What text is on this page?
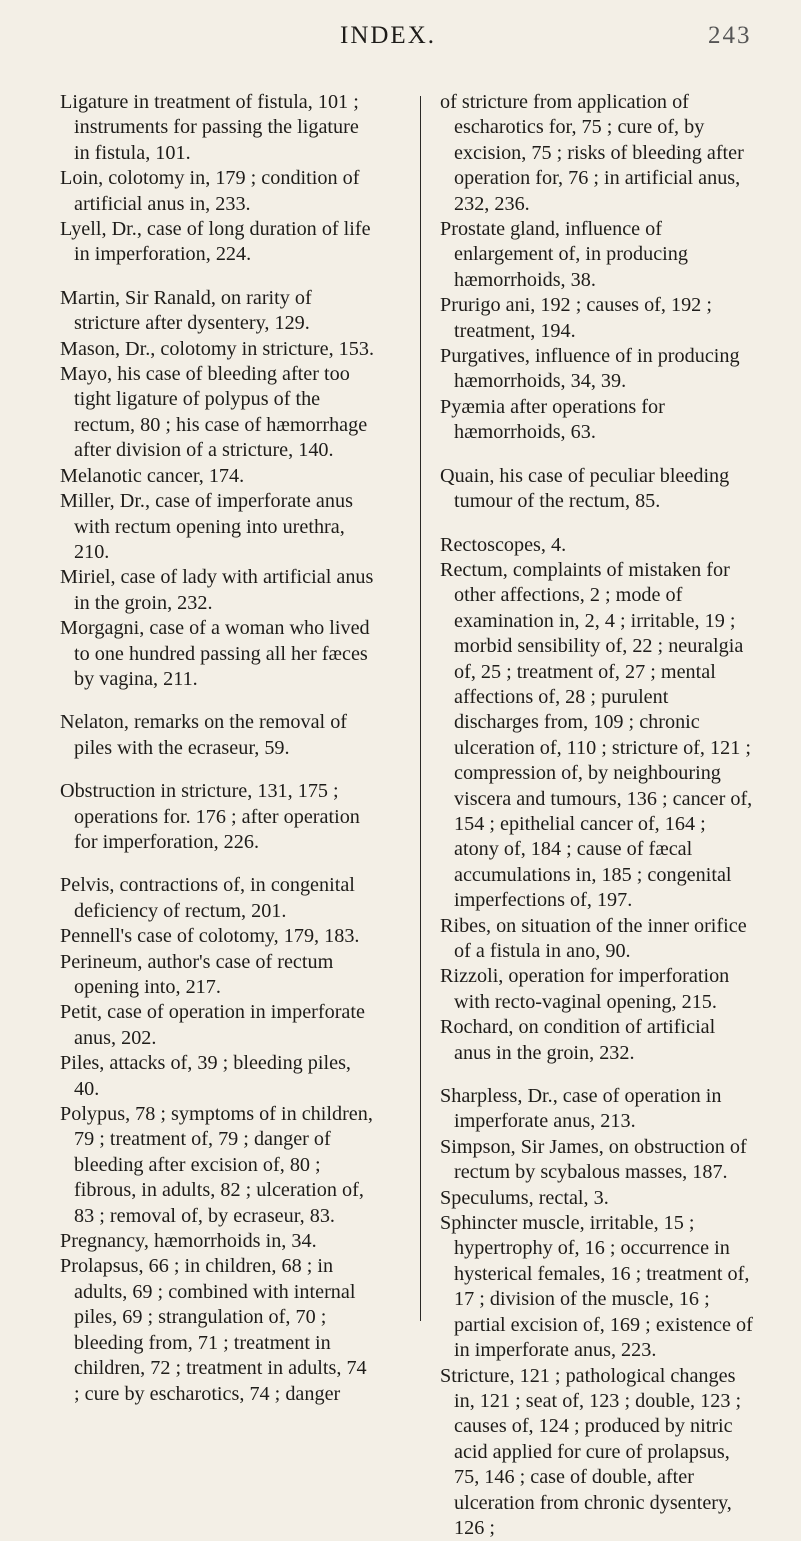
INDEX.	243

Ligature in treatment of fistula, 101 ; instruments for passing the ligature in fistula, 101.

Loin, colotomy in, 179 ; condition of artificial anus in, 233.

Lyell, Dr., case of long duration of life in imperforation, 224.

Martin, Sir Ranald, on rarity of stricture after dysentery, 129.

Mason, Dr., colotomy in stricture, 153.

Mayo, his case of bleeding after too tight ligature of polypus of the rectum, 80 ; his case of hæmorrhage after division of a stricture, 140.

Melanotic cancer, 174.

Miller, Dr., case of imperforate anus with rectum opening into urethra, 210.

Miriel, case of lady with artificial anus in the groin, 232.

Morgagni, case of a woman who lived to one hundred passing all her fæces by vagina, 211.

Nelaton, remarks on the removal of piles with the ecraseur, 59.

Obstruction in stricture, 131, 175 ; operations for. 176 ; after operation for imperforation, 226.

Pelvis, contractions of, in congenital deficiency of rectum, 201.

Pennell's case of colotomy, 179, 183.

Perineum, author's case of rectum opening into, 217.

Petit, case of operation in imperforate anus, 202.

Piles, attacks of, 39 ; bleeding piles, 40.

Polypus, 78 ; symptoms of in children, 79 ; treatment of, 79 ; danger of bleeding after excision of, 80 ; fibrous, in adults, 82 ; ulceration of, 83 ; removal of, by ecraseur, 83.

Pregnancy, hæmorrhoids in, 34.

Prolapsus, 66 ; in children, 68 ; in adults, 69 ; combined with internal piles, 69 ; strangulation of, 70 ; bleeding from, 71 ; treatment in children, 72 ; treatment in adults, 74 ; cure by escharotics, 74 ; danger

of stricture from application of escharotics for, 75 ; cure of, by excision, 75 ; risks of bleeding after operation for, 76 ; in artificial anus, 232, 236.

Prostate gland, influence of enlargement of, in producing hæmorrhoids, 38.

Prurigo ani, 192 ; causes of, 192 ; treatment, 194.

Purgatives, influence of in producing hæmorrhoids, 34, 39.

Pyæmia after operations for hæmorrhoids, 63.

Quain, his case of peculiar bleeding tumour of the rectum, 85.

Rectoscopes, 4.

Rectum, complaints of mistaken for other affections, 2 ; mode of examination in, 2, 4 ; irritable, 19 ; morbid sensibility of, 22 ; neuralgia of, 25 ; treatment of, 27 ; mental affections of, 28 ; purulent discharges from, 109 ; chronic ulceration of, 110 ; stricture of, 121 ; compression of, by neighbouring viscera and tumours, 136 ; cancer of, 154 ; epithelial cancer of, 164 ; atony of, 184 ; cause of fæcal accumulations in, 185 ; congenital imperfections of, 197.

Ribes, on situation of the inner orifice of a fistula in ano, 90.

Rizzoli, operation for imperforation with recto-vaginal opening, 215.

Rochard, on condition of artificial anus in the groin, 232.

Sharpless, Dr., case of operation in imperforate anus, 213.

Simpson, Sir James, on obstruction of rectum by scybalous masses, 187.

Speculums, rectal, 3.

Sphincter muscle, irritable, 15 ; hypertrophy of, 16 ; occurrence in hysterical females, 16 ; treatment of, 17 ; division of the muscle, 16 ; partial excision of, 169 ; existence of in imperforate anus, 223.

Stricture, 121 ; pathological changes in, 121 ; seat of, 123 ; double, 123 ; causes of, 124 ; produced by nitric acid applied for cure of prolapsus, 75, 146 ; case of double, after ulceration from chronic dysentery, 126 ;
